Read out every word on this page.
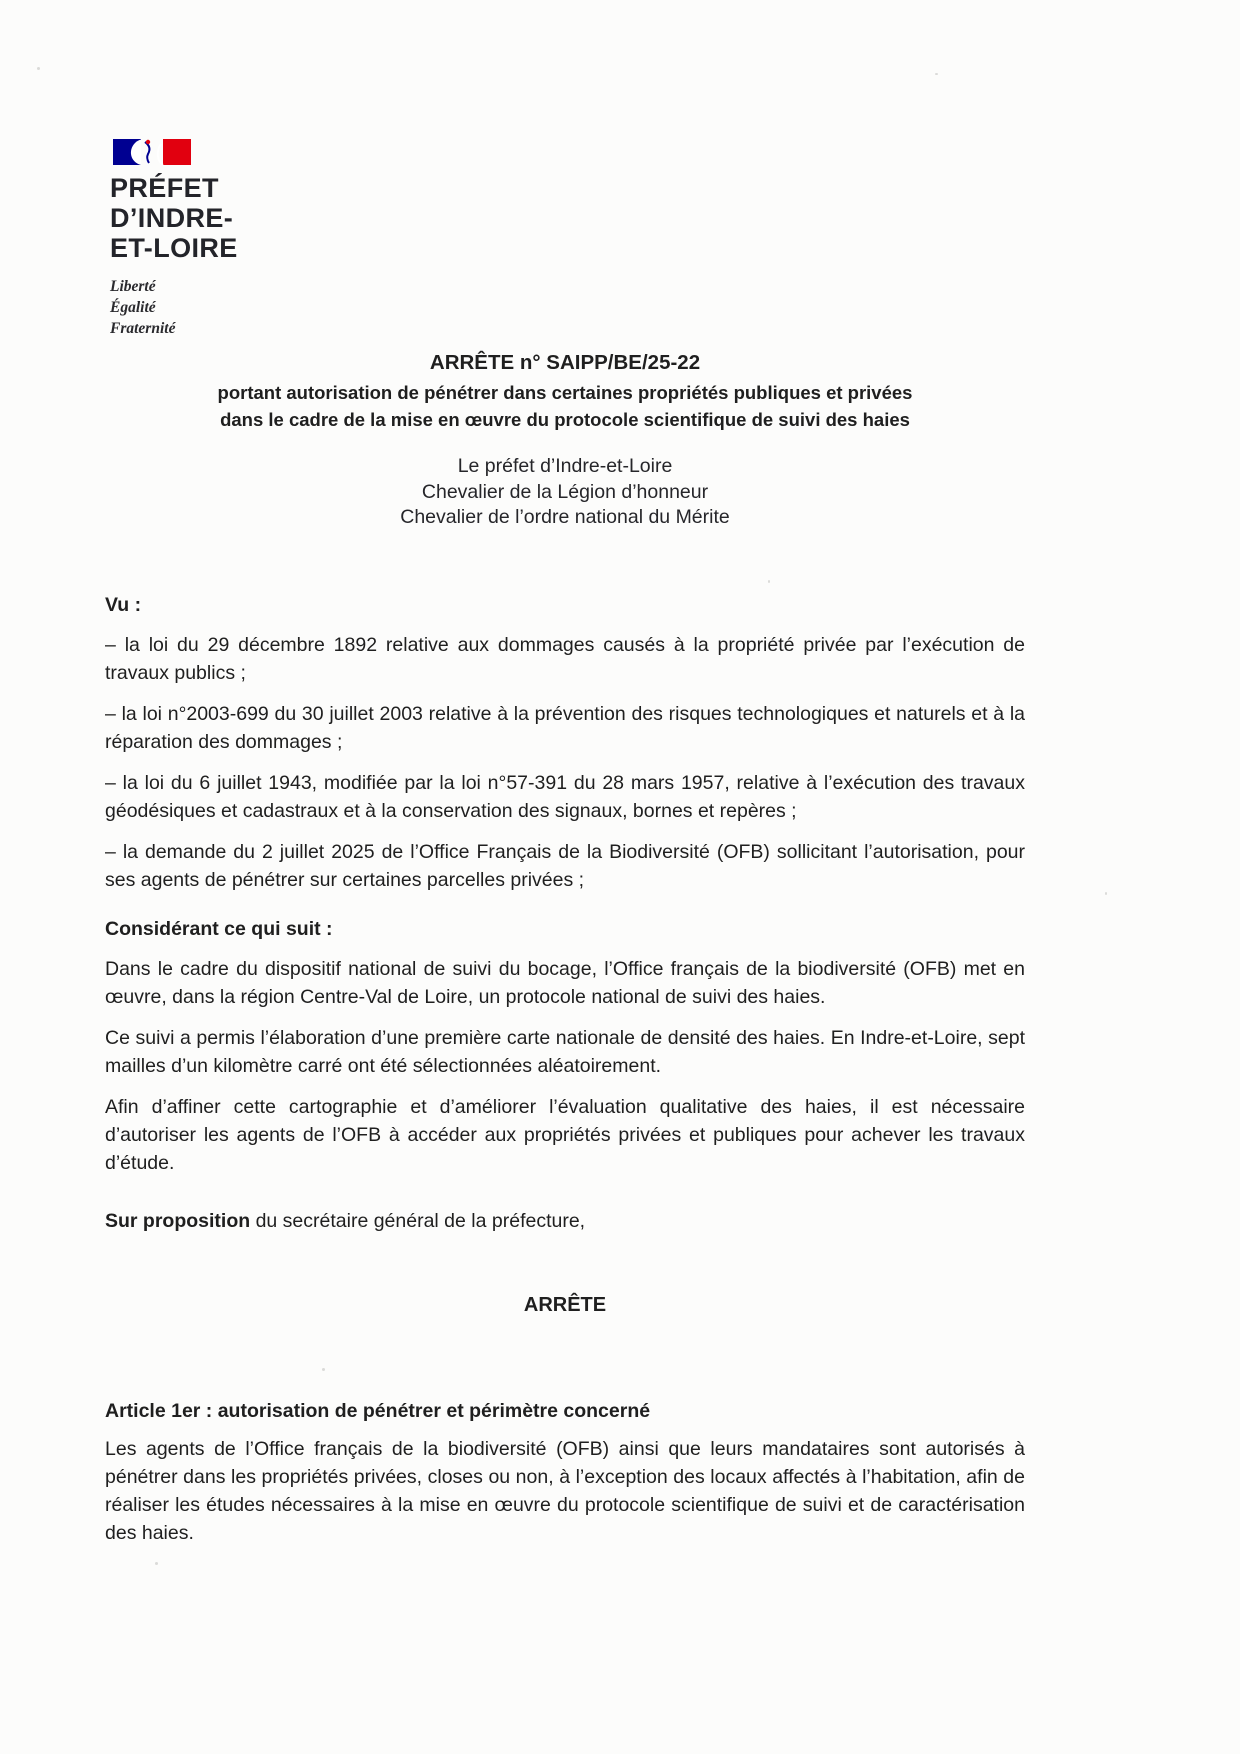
PRÉFET
D’INDRE-
ET-LOIRE
Liberté
Égalité
Fraternité
ARRÊTE n° SAIPP/BE/25-22
portant autorisation de pénétrer dans certaines propriétés publiques et privées
dans le cadre de la mise en œuvre du protocole scientifique de suivi des haies
Le préfet d’Indre-et-Loire
Chevalier de la Légion d’honneur
Chevalier de l’ordre national du Mérite
Vu :

– la loi du 29 décembre 1892 relative aux dommages causés à la propriété privée par l’exécution de travaux publics ;

– la loi n°2003-699 du 30 juillet 2003 relative à la prévention des risques technologiques et naturels et à la réparation des dommages ;

– la loi du 6 juillet 1943, modifiée par la loi n°57-391 du 28 mars 1957, relative à l’exécution des travaux géodésiques et cadastraux et à la conservation des signaux, bornes et repères ;

– la demande du 2 juillet 2025 de l’Office Français de la Biodiversité (OFB) sollicitant l’autorisation, pour ses agents de pénétrer sur certaines parcelles privées ;

Considérant ce qui suit :

Dans le cadre du dispositif national de suivi du bocage, l’Office français de la biodiversité (OFB) met en œuvre, dans la région Centre-Val de Loire, un protocole national de suivi des haies.

Ce suivi a permis l’élaboration d’une première carte nationale de densité des haies. En Indre-et-Loire, sept mailles d’un kilomètre carré ont été sélectionnées aléatoirement.

Afin d’affiner cette cartographie et d’améliorer l’évaluation qualitative des haies, il est nécessaire d’autoriser les agents de l’OFB à accéder aux propriétés privées et publiques pour achever les travaux d’étude.

Sur proposition du secrétaire général de la préfecture,

ARRÊTE
Article 1er : autorisation de pénétrer et périmètre concerné

Les agents de l’Office français de la biodiversité (OFB) ainsi que leurs mandataires sont autorisés à pénétrer dans les propriétés privées, closes ou non, à l’exception des locaux affectés à l’habitation, afin de réaliser les études nécessaires à la mise en œuvre du protocole scientifique de suivi et de caractérisation des haies.
